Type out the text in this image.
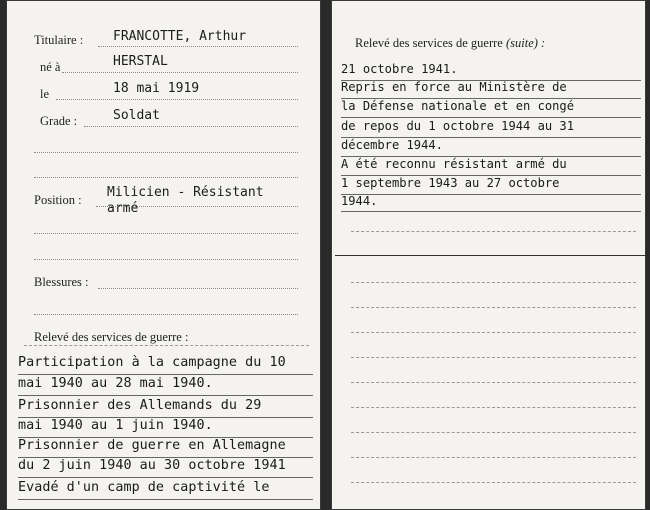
Titulaire : FRANCOTTE, Arthur
né à	HERSTAL
le	18 mai 1919
Grade :	Soldat
Position : Milicien - Résistant
armé
Blessures :
Relevé des services de guerre :
Participation à la campagne du 10
mai 1940 au 28 mai 1940.
Prisonnier des Allemands du 29
mai 1940 au 1 juin 1940.
Prisonnier de guerre en Allemagne
du 2 juin 1940 au 30 octobre 1941
Evadé d'un camp de captivité le
Relevé des services de guerre (suite) :
21 octobre 1941.
Repris en force au Ministère de
la Défense nationale et en congé
de repos du 1 octobre 1944 au 31
décembre 1944.
A été reconnu résistant armé du
1 septembre 1943 au 27 octobre
1944.
